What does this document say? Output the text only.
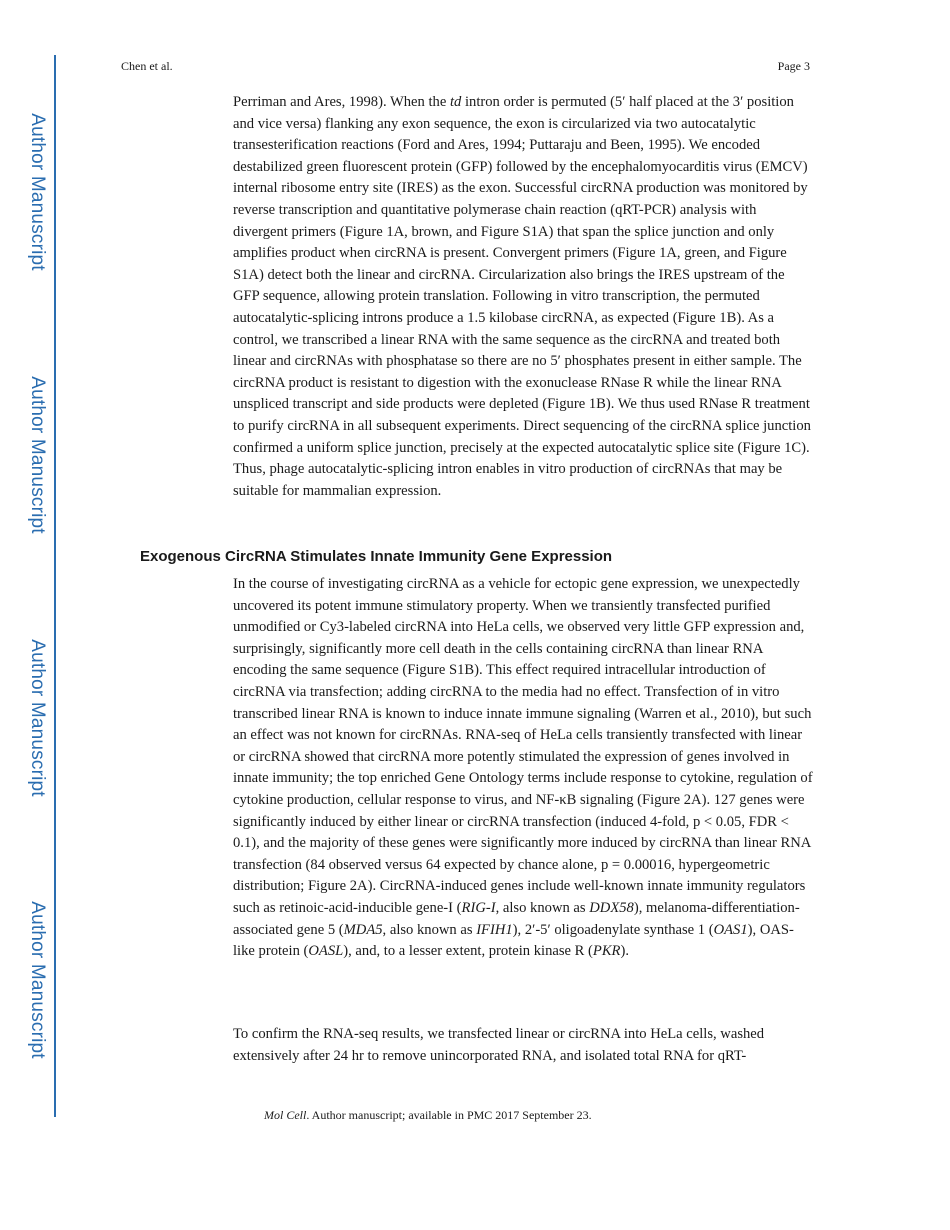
Author Manuscript
Author Manuscript
Author Manuscript
Author Manuscript
Chen et al.	Page 3

Perriman and Ares, 1998). When the td intron order is permuted (5′ half placed at the 3′ position and vice versa) flanking any exon sequence, the exon is circularized via two autocatalytic transesterification reactions (Ford and Ares, 1994; Puttaraju and Been, 1995). We encoded destabilized green fluorescent protein (GFP) followed by the encephalomyocarditis virus (EMCV) internal ribosome entry site (IRES) as the exon. Successful circRNA production was monitored by reverse transcription and quantitative polymerase chain reaction (qRT-PCR) analysis with divergent primers (Figure 1A, brown, and Figure S1A) that span the splice junction and only amplifies product when circRNA is present. Convergent primers (Figure 1A, green, and Figure S1A) detect both the linear and circRNA. Circularization also brings the IRES upstream of the GFP sequence, allowing protein translation. Following in vitro transcription, the permuted autocatalytic-splicing introns produce a 1.5 kilobase circRNA, as expected (Figure 1B). As a control, we transcribed a linear RNA with the same sequence as the circRNA and treated both linear and circRNAs with phosphatase so there are no 5′ phosphates present in either sample. The circRNA product is resistant to digestion with the exonuclease RNase R while the linear RNA unspliced transcript and side products were depleted (Figure 1B). We thus used RNase R treatment to purify circRNA in all subsequent experiments. Direct sequencing of the circRNA splice junction confirmed a uniform splice junction, precisely at the expected autocatalytic splice site (Figure 1C). Thus, phage autocatalytic-splicing intron enables in vitro production of circRNAs that may be suitable for mammalian expression.

Exogenous CircRNA Stimulates Innate Immunity Gene Expression

In the course of investigating circRNA as a vehicle for ectopic gene expression, we unexpectedly uncovered its potent immune stimulatory property. When we transiently transfected purified unmodified or Cy3-labeled circRNA into HeLa cells, we observed very little GFP expression and, surprisingly, significantly more cell death in the cells containing circRNA than linear RNA encoding the same sequence (Figure S1B). This effect required intracellular introduction of circRNA via transfection; adding circRNA to the media had no effect. Transfection of in vitro transcribed linear RNA is known to induce innate immune signaling (Warren et al., 2010), but such an effect was not known for circRNAs. RNA-seq of HeLa cells transiently transfected with linear or circRNA showed that circRNA more potently stimulated the expression of genes involved in innate immunity; the top enriched Gene Ontology terms include response to cytokine, regulation of cytokine production, cellular response to virus, and NF-κB signaling (Figure 2A). 127 genes were significantly induced by either linear or circRNA transfection (induced 4-fold, p < 0.05, FDR < 0.1), and the majority of these genes were significantly more induced by circRNA than linear RNA transfection (84 observed versus 64 expected by chance alone, p = 0.00016, hypergeometric distribution; Figure 2A). CircRNA-induced genes include well-known innate immunity regulators such as retinoic-acid-inducible gene-I (RIG-I, also known as DDX58), melanoma-differentiation-associated gene 5 (MDA5, also known as IFIH1), 2′-5′ oligoadenylate synthase 1 (OAS1), OAS-like protein (OASL), and, to a lesser extent, protein kinase R (PKR).

To confirm the RNA-seq results, we transfected linear or circRNA into HeLa cells, washed extensively after 24 hr to remove unincorporated RNA, and isolated total RNA for qRT-

Mol Cell. Author manuscript; available in PMC 2017 September 23.
